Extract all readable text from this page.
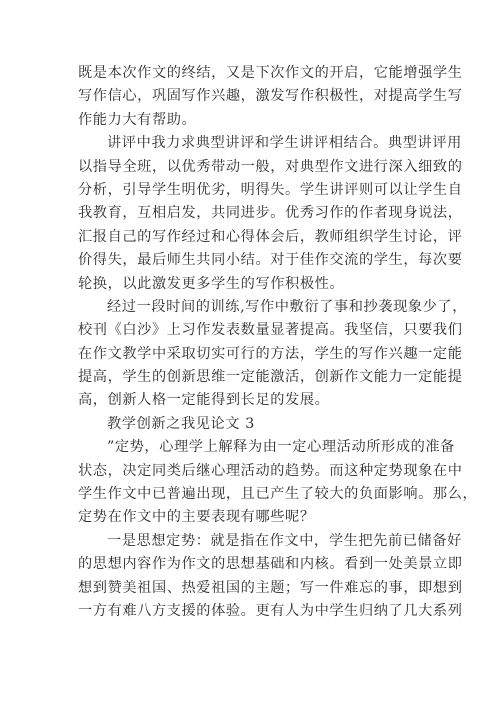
既是本次作文的终结，又是下次作文的开启，它能增强学生
写作信心，巩固写作兴趣，激发写作积极性，对提高学生写
作能力大有帮助。
讲评中我力求典型讲评和学生讲评相结合。典型讲评用
以指导全班，以优秀带动一般，对典型作文进行深入细致的
分析，引导学生明优劣，明得失。学生讲评则可以让学生自
我教育，互相启发，共同进步。优秀习作的作者现身说法，
汇报自己的写作经过和心得体会后，教师组织学生讨论，评
价得失，最后师生共同小结。对于佳作交流的学生，每次要
轮换，以此激发更多学生的写作积极性。
经过一段时间的训练,写作中敷衍了事和抄袭现象少了，
校刊《白沙》上习作发表数量显著提高。我坚信，只要我们
在作文教学中采取切实可行的方法，学生的写作兴趣一定能
提高，学生的创新思维一定能激活，创新作文能力一定能提
高，创新人格一定能得到长足的发展。
教学创新之我见论文 3
”定势，心理学上解释为由一定心理活动所形成的准备
状态，决定同类后继心理活动的趋势。而这种定势现象在中
学生作文中已普遍出现，且已产生了较大的负面影响。那么，
定势在作文中的主要表现有哪些呢？
一是思想定势：就是指在作文中，学生把先前已储备好
的思想内容作为作文的思想基础和内核。看到一处美景立即
想到赞美祖国、热爱祖国的主题；写一件难忘的事，即想到
一方有难八方支援的体验。更有人为中学生归纳了几大系列
